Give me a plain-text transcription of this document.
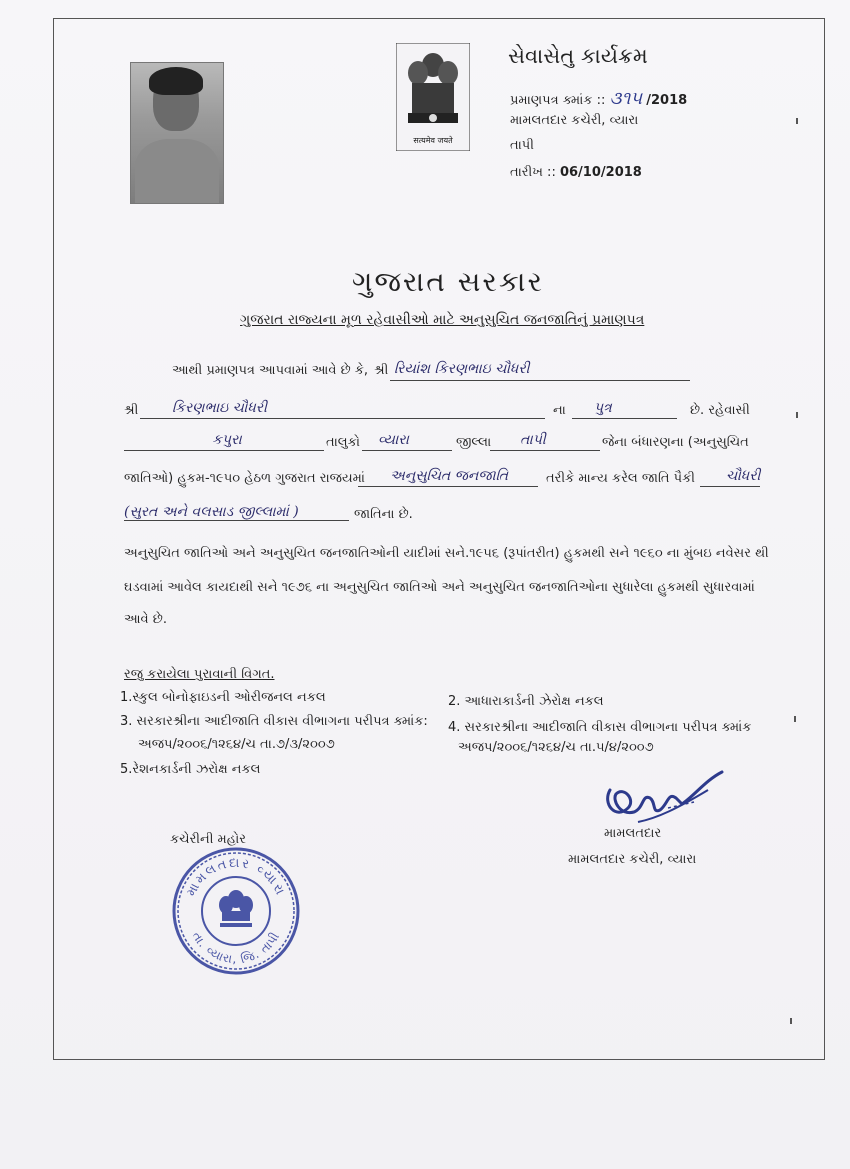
सत्यमेव जयते
સેવાસેતુ કાર્યક્રમ
પ્રમાણપત્ર ક્માંક :: ૩૧૫ /2018
મામલતદાર કચેરી, વ્યારા
તાપી
તારીખ :: 06/10/2018
ગુજરાત સરકાર
ગુજરાત રાજ્યના મૂળ રહેવાસીઓ માટે અનુસુચિત જનજાતિનું પ્રમાણપત્ર
આથી પ્રમાણપત્ર આપવામાં આવે છે કે, શ્રી રિયાંશ કિરણભાઇ ચૌધરી
શ્રી કિરણભાઇ ચૌધરી	ના પુત્ર	છે. રહેવાસી
કપુરા	તાલુકો વ્યારા	જીલ્લા તાપી	જેના બંધારણના (અનુસુચિત
જાતિઓ) હુકમ-૧૯૫૦ હેઠળ ગુજરાત રાજયમાં અનુસુચિત જનજાતિ	તરીકે માન્ય કરેલ જાતિ પૈકી ચૌધરી
(સુરત અને વલસાડ જીલ્લામાં )	જાતિના છે.
અનુસુચિત જાતિઓ અને અનુસુચિત જનજાતિઓની યાદીમાં સને.૧૯૫૬ (રૂપાંતરીત) હુકમથી સને ૧૯૬૦ ના મુંબઇ નવેસર થી
ઘડવામાં આવેલ કાયદાથી સને ૧૯૭૬ ના અનુસુચિત જાતિઓ અને અનુસુચિત જનજાતિઓના સુધારેલા હુકમથી સુધારવામાં
આવે છે.
રજુ કરાયેલા પુરાવાની વિગત.
1.સ્કુલ બોનોફાઇડની ઓરીજનલ નકલ	2. આધારાકાર્ડની ઝેરોક્ષ નકલ
3. સરકારશ્રીના આદીજાતિ વીકાસ વીભાગના પરીપત્ર ક્માંક:
અજપ/૨૦૦૬/૧૨૬૪/ચ તા.૭/૩/૨૦૦૭
4. સરકારશ્રીના આદીજાતિ વીકાસ વીભાગના પરીપત્ર ક્માંક
અજપ/૨૦૦૬/૧૨૬૪/ચ તા.૫/૪/૨૦૦૭
5.રેશનકાર્ડની ઝરોક્ષ નકલ
કચેરીની મહોર
મામલતદાર વ્યારા
તા. વ્યારા, જિ. તાપી
મામલતદાર
મામલતદાર કચેરી, વ્યારા
